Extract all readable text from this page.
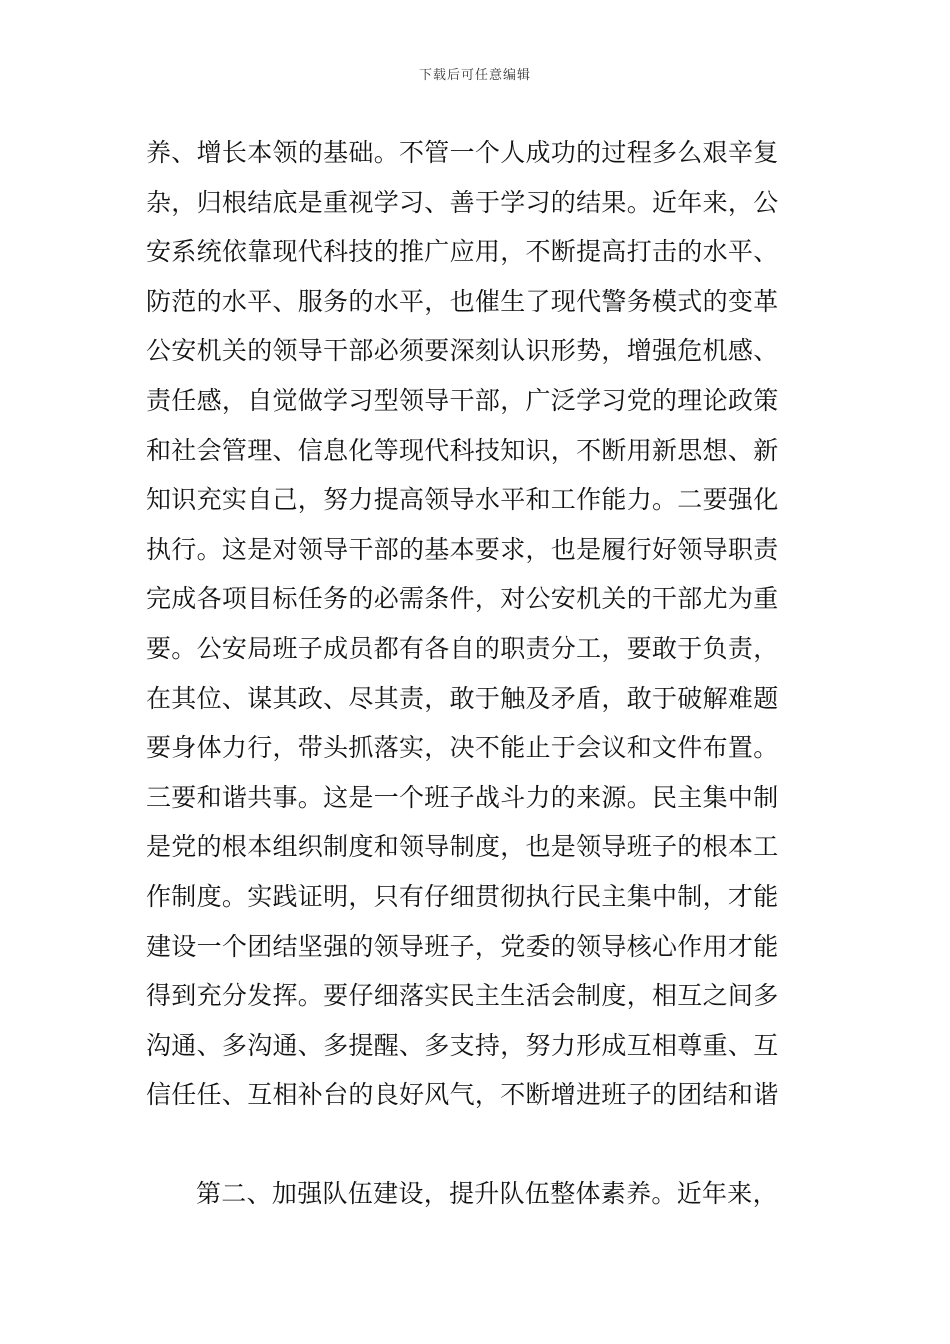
下载后可任意编辑
养、增长本领的基础。不管一个人成功的过程多么艰辛复
杂，归根结底是重视学习、善于学习的结果。近年来，公
安系统依靠现代科技的推广应用，不断提高打击的水平、
防范的水平、服务的水平，也催生了现代警务模式的变革
公安机关的领导干部必须要深刻认识形势，增强危机感、
责任感，自觉做学习型领导干部，广泛学习党的理论政策
和社会管理、信息化等现代科技知识，不断用新思想、新
知识充实自己，努力提高领导水平和工作能力。二要强化
执行。这是对领导干部的基本要求，也是履行好领导职责
完成各项目标任务的必需条件，对公安机关的干部尤为重
要。公安局班子成员都有各自的职责分工，要敢于负责，
在其位、谋其政、尽其责，敢于触及矛盾，敢于破解难题
要身体力行，带头抓落实，决不能止于会议和文件布置。
三要和谐共事。这是一个班子战斗力的来源。民主集中制
是党的根本组织制度和领导制度，也是领导班子的根本工
作制度。实践证明，只有仔细贯彻执行民主集中制，才能
建设一个团结坚强的领导班子，党委的领导核心作用才能
得到充分发挥。要仔细落实民主生活会制度，相互之间多
沟通、多沟通、多提醒、多支持，努力形成互相尊重、互
信任任、互相补台的良好风气，不断增进班子的团结和谐

第二、加强队伍建设，提升队伍整体素养。近年来，
